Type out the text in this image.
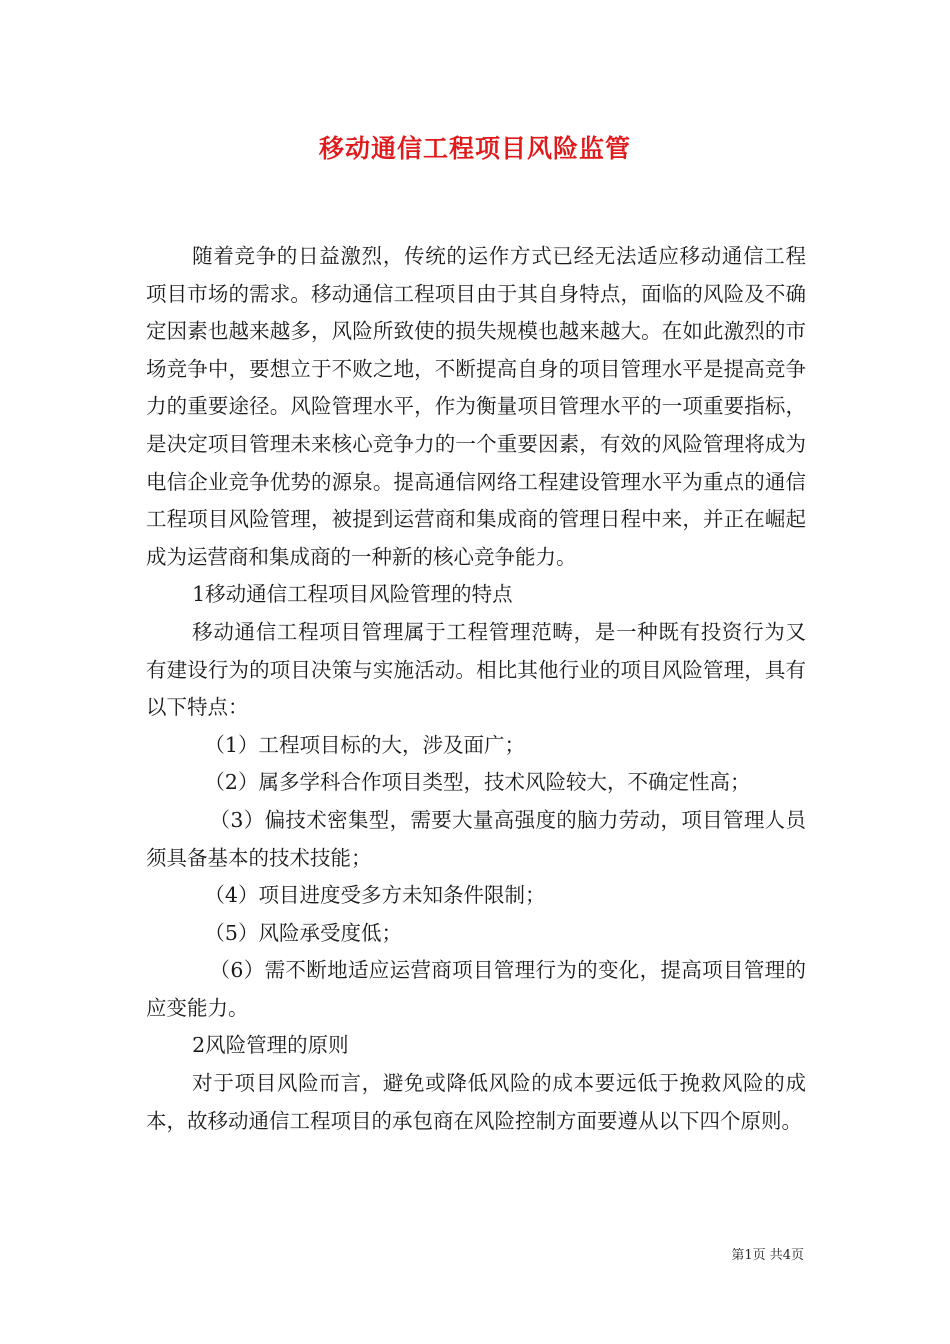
移动通信工程项目风险监管

随着竞争的日益激烈，传统的运作方式已经无法适应移动通信工程项目市场的需求。移动通信工程项目由于其自身特点，面临的风险及不确定因素也越来越多，风险所致使的损失规模也越来越大。在如此激烈的市场竞争中，要想立于不败之地，不断提高自身的项目管理水平是提高竞争力的重要途径。风险管理水平，作为衡量项目管理水平的一项重要指标，是决定项目管理未来核心竞争力的一个重要因素，有效的风险管理将成为电信企业竞争优势的源泉。提高通信网络工程建设管理水平为重点的通信工程项目风险管理，被提到运营商和集成商的管理日程中来，并正在崛起成为运营商和集成商的一种新的核心竞争能力。

1移动通信工程项目风险管理的特点

移动通信工程项目管理属于工程管理范畴，是一种既有投资行为又有建设行为的项目决策与实施活动。相比其他行业的项目风险管理，具有以下特点：

（1）工程项目标的大，涉及面广；

（2）属多学科合作项目类型，技术风险较大，不确定性高；

（3）偏技术密集型，需要大量高强度的脑力劳动，项目管理人员须具备基本的技术技能；

（4）项目进度受多方未知条件限制；

（5）风险承受度低；

（6）需不断地适应运营商项目管理行为的变化，提高项目管理的应变能力。

2风险管理的原则

对于项目风险而言，避免或降低风险的成本要远低于挽救风险的成本，故移动通信工程项目的承包商在风险控制方面要遵从以下四个原则。

第1页 共4页
